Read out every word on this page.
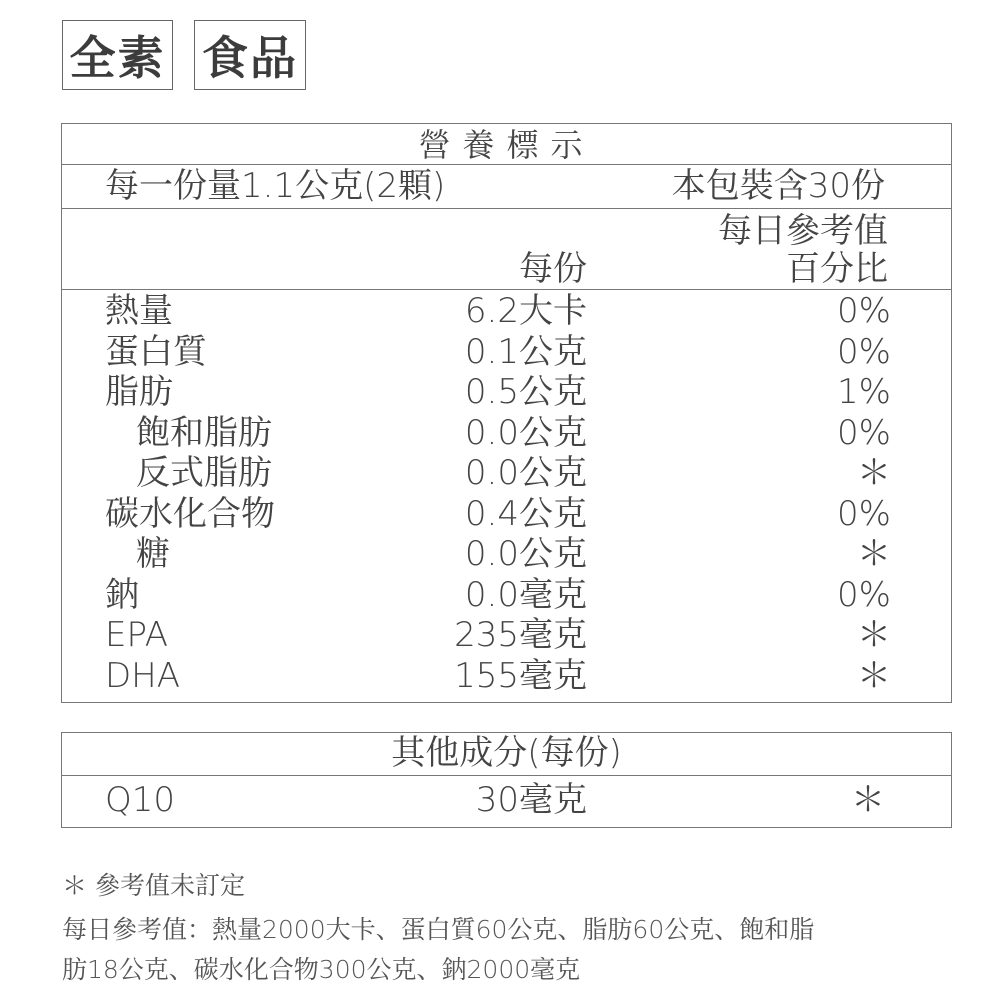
全素 食品
營養標示
每一份量1.1公克(2顆)	本包裝含30份
每日參考值
每份	百分比
熱量	6.2大卡	0%
蛋白質	0.1公克	0%
脂肪	0.5公克	1%
飽和脂肪	0.0公克	0%
反式脂肪	0.0公克	＊
碳水化合物	0.4公克	0%
糖	0.0公克	＊
鈉	0.0毫克	0%
EPA	235毫克	＊
DHA	155毫克	＊
其他成分(每份)
Q10	30毫克	＊
＊ 參考值未訂定
每日參考值：熱量2000大卡、蛋白質60公克、脂肪60公克、飽和脂
肪18公克、碳水化合物300公克、鈉2000毫克
